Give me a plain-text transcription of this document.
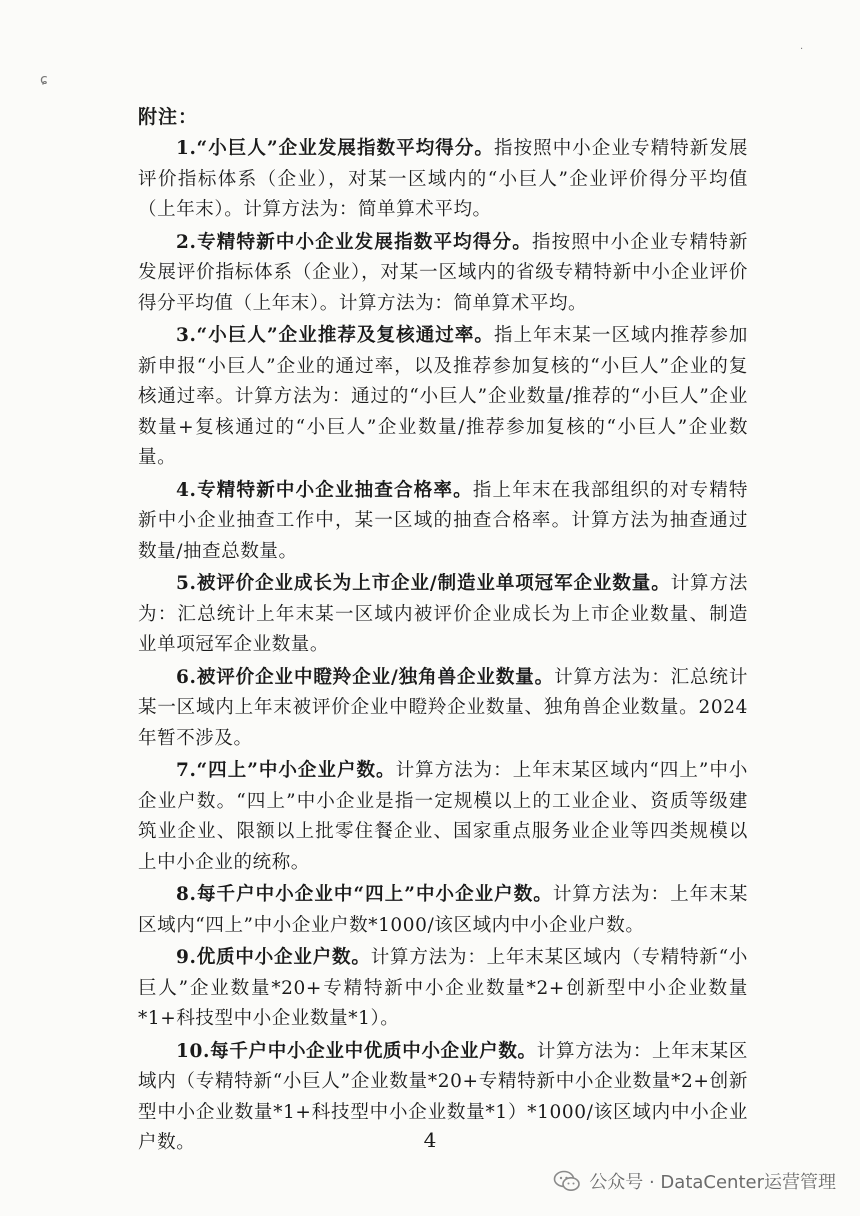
ɕ
·
附注：

1.“小巨人”企业发展指数平均得分。指按照中小企业专精特新发展评价指标体系（企业），对某一区域内的“小巨人”企业评价得分平均值（上年末）。计算方法为：简单算术平均。

2.专精特新中小企业发展指数平均得分。指按照中小企业专精特新发展评价指标体系（企业），对某一区域内的省级专精特新中小企业评价得分平均值（上年末）。计算方法为：简单算术平均。

3.“小巨人”企业推荐及复核通过率。指上年末某一区域内推荐参加新申报“小巨人”企业的通过率，以及推荐参加复核的“小巨人”企业的复核通过率。计算方法为：通过的“小巨人”企业数量/推荐的“小巨人”企业数量+复核通过的“小巨人”企业数量/推荐参加复核的“小巨人”企业数量。

4.专精特新中小企业抽查合格率。指上年末在我部组织的对专精特新中小企业抽查工作中，某一区域的抽查合格率。计算方法为抽查通过数量/抽查总数量。

5.被评价企业成长为上市企业/制造业单项冠军企业数量。计算方法为：汇总统计上年末某一区域内被评价企业成长为上市企业数量、制造业单项冠军企业数量。

6.被评价企业中瞪羚企业/独角兽企业数量。计算方法为：汇总统计某一区域内上年末被评价企业中瞪羚企业数量、独角兽企业数量。2024 年暂不涉及。

7.“四上”中小企业户数。计算方法为：上年末某区域内“四上”中小企业户数。“四上”中小企业是指一定规模以上的工业企业、资质等级建筑业企业、限额以上批零住餐企业、国家重点服务业企业等四类规模以上中小企业的统称。

8.每千户中小企业中“四上”中小企业户数。计算方法为：上年末某区域内“四上”中小企业户数*1000/该区域内中小企业户数。

9.优质中小企业户数。计算方法为：上年末某区域内（专精特新“小巨人”企业数量*20+专精特新中小企业数量*2+创新型中小企业数量*1+科技型中小企业数量*1）。

10.每千户中小企业中优质中小企业户数。计算方法为：上年末某区域内（专精特新“小巨人”企业数量*20+专精特新中小企业数量*2+创新型中小企业数量*1+科技型中小企业数量*1）*1000/该区域内中小企业户数。	4
公众号 · DataCenter运营管理
